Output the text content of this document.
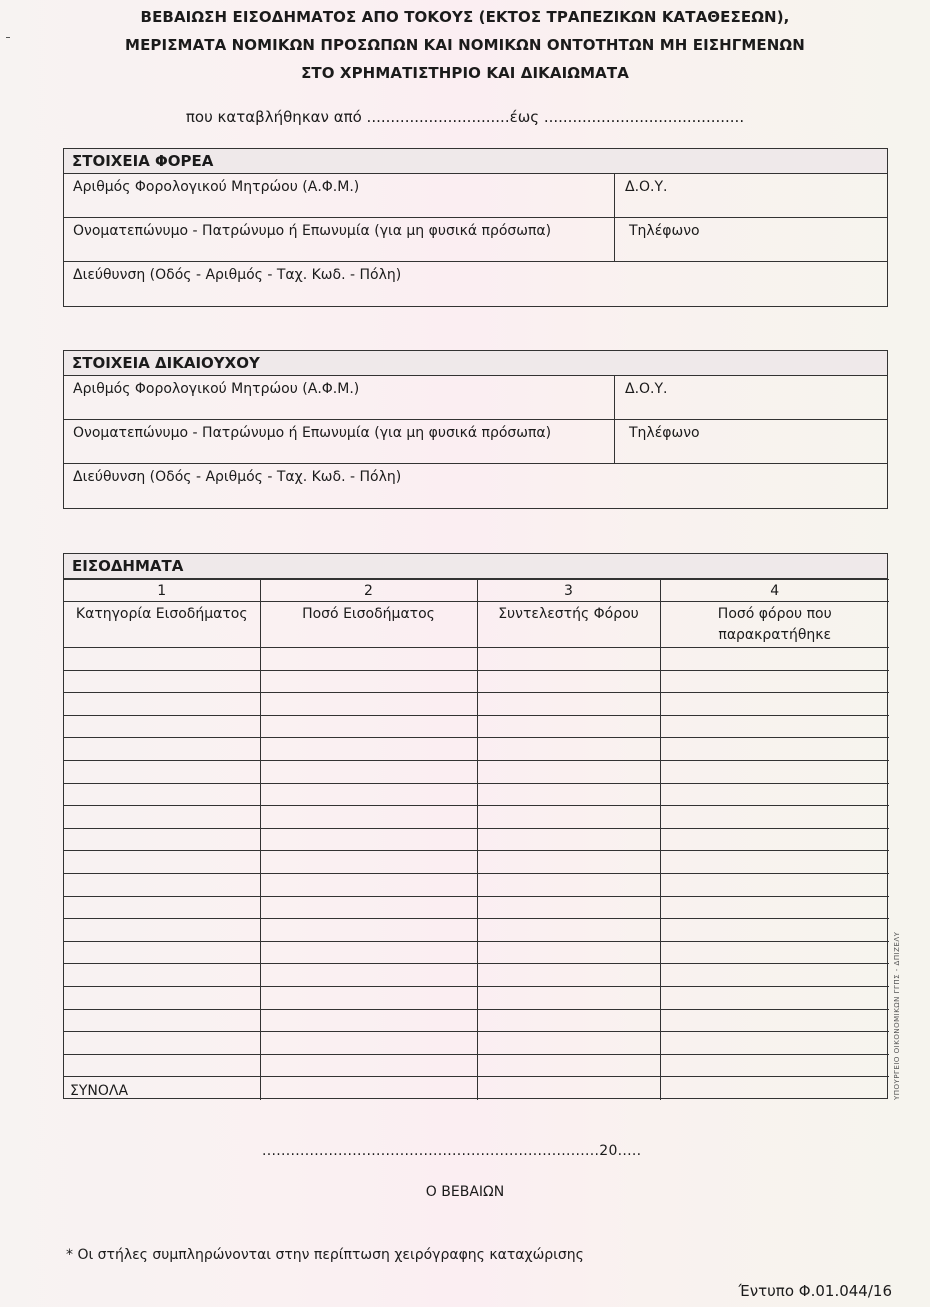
ΒΕΒΑΙΩΣΗ ΕΙΣΟΔΗΜΑΤΟΣ ΑΠΟ ΤΟΚΟΥΣ (ΕΚΤΟΣ ΤΡΑΠΕΖΙΚΩΝ ΚΑΤΑΘΕΣΕΩΝ),
ΜΕΡΙΣΜΑΤΑ ΝΟΜΙΚΩΝ ΠΡΟΣΩΠΩΝ ΚΑΙ ΝΟΜΙΚΩΝ ΟΝΤΟΤΗΤΩΝ ΜΗ ΕΙΣΗΓΜΕΝΩΝ
ΣΤΟ ΧΡΗΜΑΤΙΣΤΗΡΙΟ ΚΑΙ ΔΙΚΑΙΩΜΑΤΑ
που καταβλήθηκαν από ..............................έως ..........................................
ΣΤΟΙΧΕΙΑ ΦΟΡΕΑ
Αριθμός Φορολογικού Μητρώου (Α.Φ.Μ.)	Δ.Ο.Υ.
Ονοματεπώνυμο - Πατρώνυμο ή Επωνυμία (για μη φυσικά πρόσωπα)	Τηλέφωνο
Διεύθυνση (Οδός - Αριθμός - Ταχ. Κωδ. - Πόλη)
ΣΤΟΙΧΕΙΑ ΔΙΚΑΙΟΥΧΟΥ
Αριθμός Φορολογικού Μητρώου (Α.Φ.Μ.)	Δ.Ο.Υ.
Ονοματεπώνυμο - Πατρώνυμο ή Επωνυμία (για μη φυσικά πρόσωπα)	Τηλέφωνο
Διεύθυνση (Οδός - Αριθμός - Ταχ. Κωδ. - Πόλη)
ΕΙΣΟΔΗΜΑΤΑ
1	2	3	4
Κατηγορία Εισοδήματος	Ποσό Εισοδήματος	Συντελεστής Φόρου	Ποσό φόρου που παρακρατήθηκε

ΣΥΝΟΛΑ			
.......................................................................20.....
Ο ΒΕΒΑΙΩΝ
* Οι στήλες συμπληρώνονται στην περίπτωση χειρόγραφης καταχώρισης
Έντυπο Φ.01.044/16
ΥΠΟΥΡΓΕΙΟ ΟΙΚΟΝΟΜΙΚΩΝ ΓΓΠΣ - ΔΠΙΖΕΛΥ
